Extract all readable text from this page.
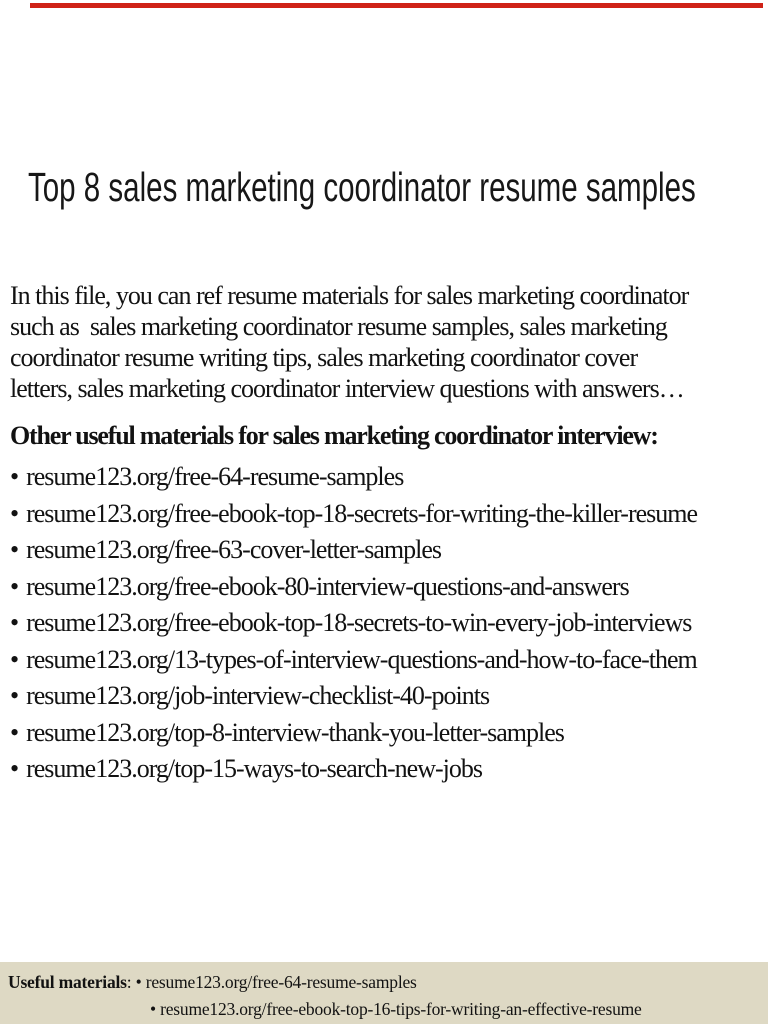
Top 8 sales marketing coordinator resume samples
In this file, you can ref resume materials for sales marketing coordinator
such as  sales marketing coordinator resume samples, sales marketing
coordinator resume writing tips, sales marketing coordinator cover
letters, sales marketing coordinator interview questions with answers…
Other useful materials for sales marketing coordinator interview:
• resume123.org/free-64-resume-samples
• resume123.org/free-ebook-top-18-secrets-for-writing-the-killer-resume
• resume123.org/free-63-cover-letter-samples
• resume123.org/free-ebook-80-interview-questions-and-answers
• resume123.org/free-ebook-top-18-secrets-to-win-every-job-interviews
• resume123.org/13-types-of-interview-questions-and-how-to-face-them
• resume123.org/job-interview-checklist-40-points
• resume123.org/top-8-interview-thank-you-letter-samples
• resume123.org/top-15-ways-to-search-new-jobs
Useful materials: • resume123.org/free-64-resume-samples
• resume123.org/free-ebook-top-16-tips-for-writing-an-effective-resume
